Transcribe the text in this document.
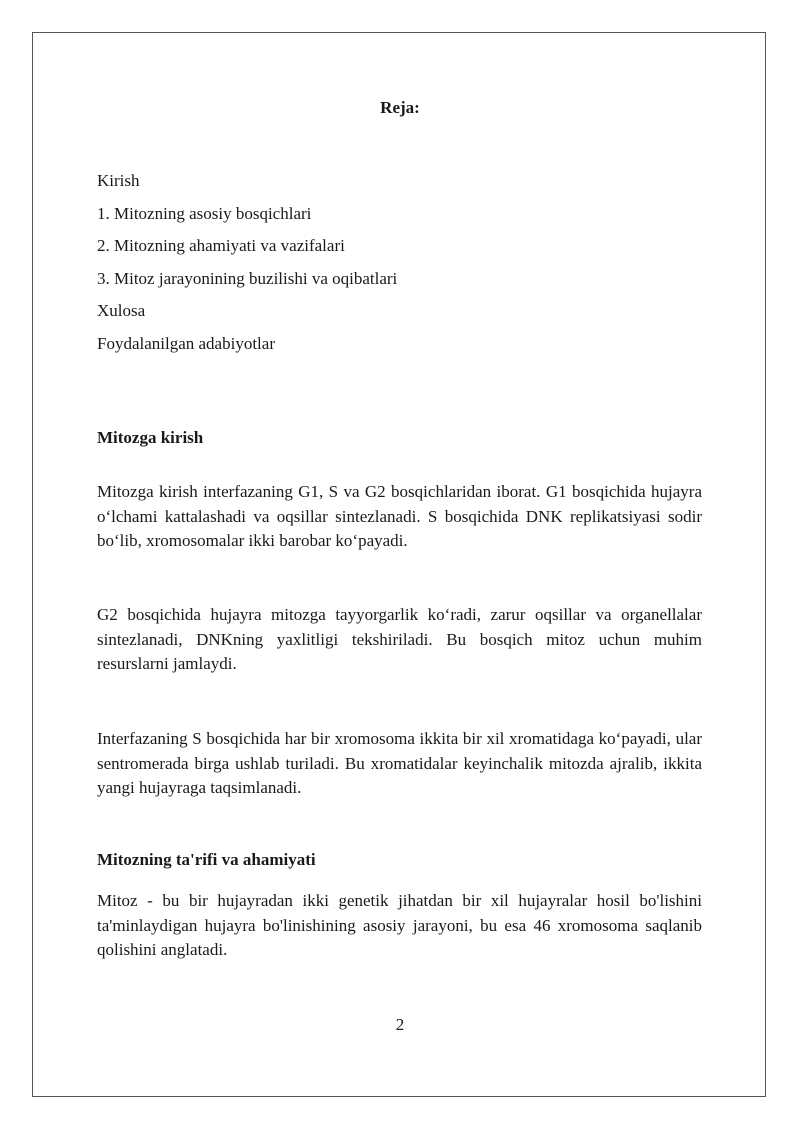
Reja:
Kirish
1. Mitozning asosiy bosqichlari
2. Mitozning ahamiyati va vazifalari
3. Mitoz jarayonining buzilishi va oqibatlari
Xulosa
Foydalanilgan adabiyotlar
Mitozga kirish

Mitozga kirish interfazaning G1, S va G2 bosqichlaridan iborat. G1 bosqichida hujayra o‘lchami kattalashadi va oqsillar sintezlanadi. S bosqichida DNK replikatsiyasi sodir bo‘lib, xromosomalar ikki barobar ko‘payadi.

G2 bosqichida hujayra mitozga tayyorgarlik ko‘radi, zarur oqsillar va organellalar sintezlanadi, DNKning yaxlitligi tekshiriladi. Bu bosqich mitoz uchun muhim resurslarni jamlaydi.

Interfazaning S bosqichida har bir xromosoma ikkita bir xil xromatidaga ko‘payadi, ular sentromerada birga ushlab turiladi. Bu xromatidalar keyinchalik mitozda ajralib, ikkita yangi hujayraga taqsimlanadi.

Mitozning ta'rifi va ahamiyati

Mitoz - bu bir hujayradan ikki genetik jihatdan bir xil hujayralar hosil bo'lishini ta'minlaydigan hujayra bo'linishining asosiy jarayoni, bu esa 46 xromosoma saqlanib qolishini anglatadi.

2
